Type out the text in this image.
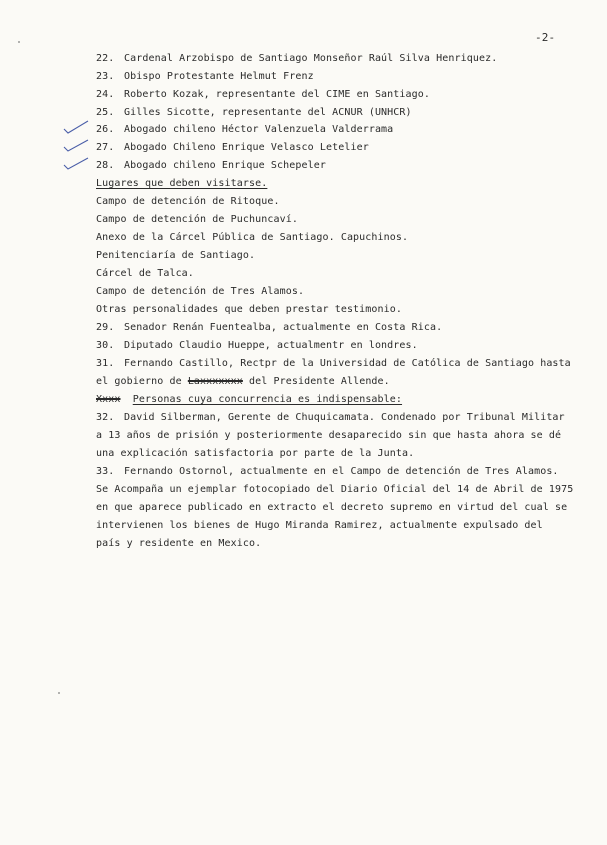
-2-
22. Cardenal Arzobispo de Santiago Monseñor Raúl Silva Henriquez.
23. Obispo Protestante Helmut Frenz
24. Roberto Kozak, representante del CIME en Santiago.
25. Gilles Sicotte, representante del ACNUR (UNHCR)
26. Abogado chileno Héctor Valenzuela Valderrama
27. Abogado Chileno Enrique Velasco Letelier
28. Abogado chileno Enrique Schepeler
Lugares que deben visitarse.
Campo de detención de Ritoque.
Campo de detención de Puchuncaví.
Anexo de la Cárcel Pública de Santiago. Capuchinos.
Penitenciaría de Santiago.
Cárcel de Talca.
Campo de detención de Tres Alamos.
Otras personalidades que deben prestar testimonio.
29. Senador Renán Fuentealba, actualmente en Costa Rica.
30. Diputado Claudio Hueppe, actualmentr en londres.
31. Fernando Castillo, Rectpr de la Universidad de Católica de Santiago hasta
el gobierno de Laxxxxxxx del Presidente Allende.
Xxxx Personas cuya concurrencia es indispensable:
32. David Silberman, Gerente de Chuquicamata. Condenado por Tribunal Militar
a 13 años de prisión y posteriormente desaparecido sin que hasta ahora se dé
una explicación satisfactoria por parte de la Junta.
33. Fernando Ostornol, actualmente en el Campo de detención de Tres Alamos.
Se Acompaña un ejemplar fotocopiado del Diario Oficial del 14 de Abril de 1975
en que aparece publicado en extracto el decreto supremo en virtud del cual se
intervienen los bienes de Hugo Miranda Ramirez, actualmente expulsado del
país y residente en Mexico.
